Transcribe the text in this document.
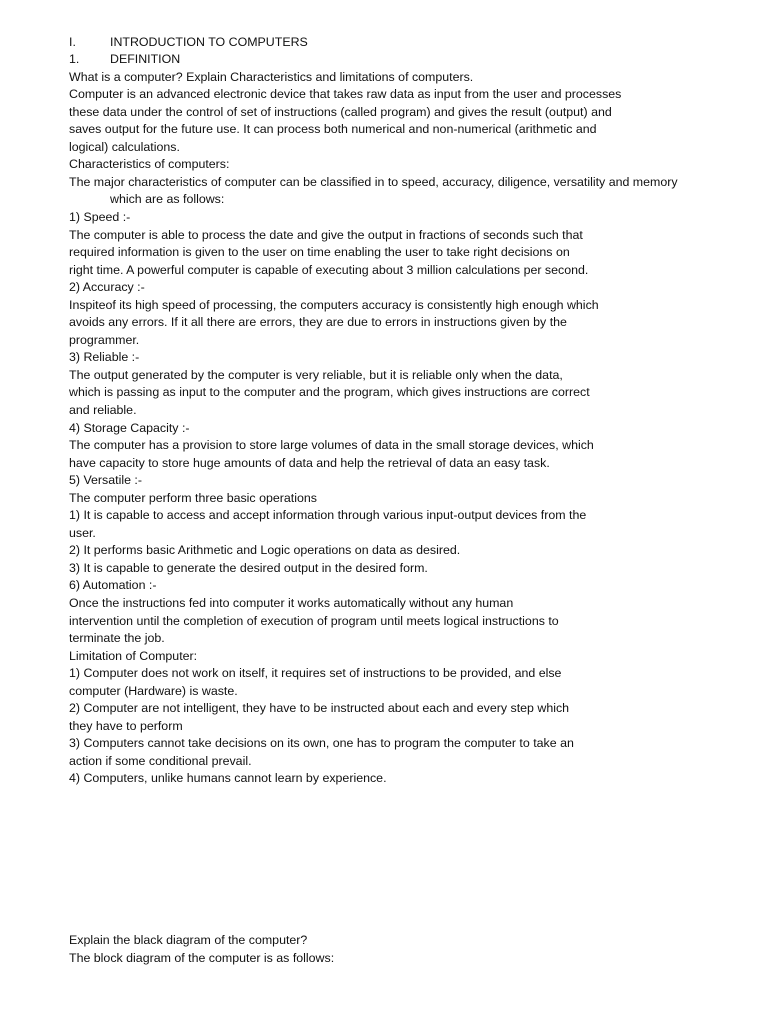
I.	INTRODUCTION TO COMPUTERS
1. DEFINITION
What is a computer? Explain Characteristics and limitations of computers.
Computer is an advanced electronic device that takes raw data as input from the user and processes
these data under the control of set of instructions (called program) and gives the result (output) and
saves output for the future use. It can process both numerical and non-numerical (arithmetic and
logical) calculations.
Characteristics of computers:
The major characteristics of computer can be classified in to speed, accuracy, diligence, versatility and memory
which are as follows:
1) Speed :-
The computer is able to process the date and give the output in fractions of seconds such that
required information is given to the user on time enabling the user to take right decisions on
right time. A powerful computer is capable of executing about 3 million calculations per second.
2) Accuracy :-
Inspiteof its high speed of processing, the computers accuracy is consistently high enough which
avoids any errors. If it all there are errors, they are due to errors in instructions given by the
programmer.
3) Reliable :-
The output generated by the computer is very reliable, but it is reliable only when the data,
which is passing as input to the computer and the program, which gives instructions are correct
and reliable.
4) Storage Capacity :-
The computer has a provision to store large volumes of data in the small storage devices, which
have capacity to store huge amounts of data and help the retrieval of data an easy task.
5) Versatile :-
The computer perform three basic operations
1) It is capable to access and accept information through various input-output devices from the
user.
2) It performs basic Arithmetic and Logic operations on data as desired.
3) It is capable to generate the desired output in the desired form.
6) Automation :-
Once the instructions fed into computer it works automatically without any human
intervention until the completion of execution of program until meets logical instructions to
terminate the job.
Limitation of Computer:
1) Computer does not work on itself, it requires set of instructions to be provided, and else
computer (Hardware) is waste.
2) Computer are not intelligent, they have to be instructed about each and every step which
they have to perform
3) Computers cannot take decisions on its own, one has to program the computer to take an
action if some conditional prevail.
4) Computers, unlike humans cannot learn by experience.
Explain the black diagram of the computer?
The block diagram of the computer is as follows:
